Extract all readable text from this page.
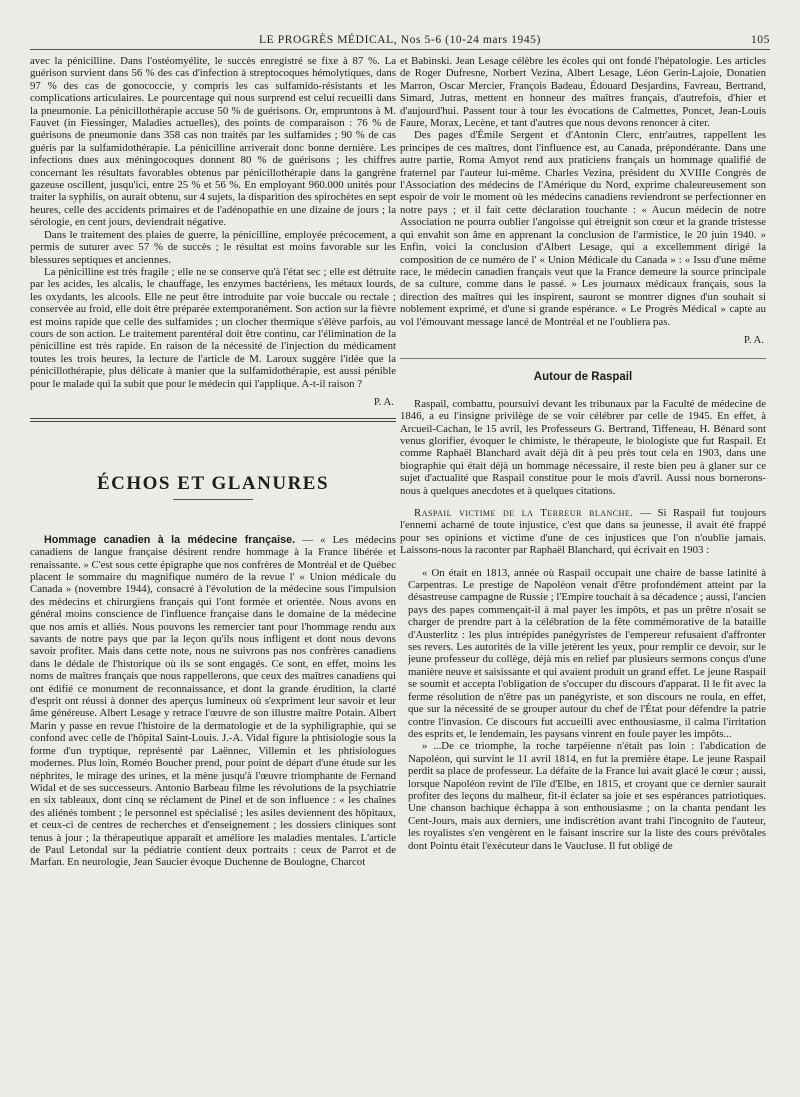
LE PROGRÈS MÉDICAL, Nos 5-6 (10-24 mars 1945)	105

avec la pénicilline. Dans l'ostéomyélite, le succès enregistré se fixe à 87 %. La guérison survient dans 56 % des cas d'infection à streptocoques hémolytiques, dans 97 % des cas de gonococcie, y compris les cas sulfamido-résistants et les complications articulaires. Le pourcentage qui nous surprend est celui recueilli dans la pneumonie. La pénicillothérapie accuse 50 % de guérisons. Or, empruntons à M. Fauvet (in Fiessinger, Maladies actuelles), des points de comparaison : 76 % de guérisons de pneumonie dans 358 cas non traités par les sulfamides ; 90 % de cas guéris par la sulfamidothérapie. La pénicilline arriverait donc bonne dernière. Les infections dues aux méningocoques donnent 80 % de guérisons ; les chiffres concernant les résultats favorables obtenus par pénicillothérapie dans la gangrène gazeuse oscillent, jusqu'ici, entre 25 % et 56 %. En employant 960.000 unités pour traiter la syphilis, on aurait obtenu, sur 4 sujets, la disparition des spirochètes en sept heures, celle des accidents primaires et de l'adénopathie en une dizaine de jours ; la sérologie, en cent jours, deviendrait négative.

Dans le traitement des plaies de guerre, la pénicilline, employée précocement, a permis de suturer avec 57 % de succès ; le résultat est moins favorable sur les blessures septiques et anciennes.

La pénicilline est très fragile ; elle ne se conserve qu'à l'état sec ; elle est détruite par les acides, les alcalis, le chauffage, les enzymes bactériens, les métaux lourds, les oxydants, les alcools. Elle ne peut être introduite par voie buccale ou rectale ; conservée au froid, elle doit être préparée extemporanément. Son action sur la fièvre est moins rapide que celle des sulfamides ; un clocher thermique s'élève parfois, au cours de son action. Le traitement parentéral doit être continu, car l'élimination de la pénicilline est très rapide. En raison de la nécessité de l'injection du médicament toutes les trois heures, la lecture de l'article de M. Laroux suggère l'idée que la pénicillothérapie, plus délicate à manier que la sulfamidothérapie, est aussi pénible pour le malade qui la subit que pour le médecin qui l'applique. A-t-il raison ?

P. A.
ÉCHOS ET GLANURES

Hommage canadien à la médecine française. — « Les médecins canadiens de langue française désirent rendre hommage à la France libérée et renaissante. » C'est sous cette épigraphe que nos confrères de Montréal et de Québec placent le sommaire du magnifique numéro de la revue l' « Union médicale du Canada » (novembre 1944), consacré à l'évolution de la médecine sous l'impulsion des médecins et chirurgiens français qui l'ont formée et orientée. Nous avons en général moins conscience de l'influence française dans le domaine de la médecine que nos amis et alliés. Nous pouvons les remercier tant pour l'hommage rendu aux savants de notre pays que par la leçon qu'ils nous infligent et dont nous devons savoir profiter. Mais dans cette note, nous ne suivrons pas nos confrères canadiens dans le dédale de l'historique où ils se sont engagés. Ce sont, en effet, moins les noms de maîtres français que nous rappellerons, que ceux des maîtres canadiens qui ont édifié ce monument de reconnaissance, et dont la grande érudition, la clarté d'esprit ont réussi à donner des aperçus lumineux où s'expriment leur savoir et leur âme généreuse. Albert Lesage y retrace l'œuvre de son illustre maître Potain. Albert Marin y passe en revue l'histoire de la dermatologie et de la syphiligraphie, qui se confond avec celle de l'hôpital Saint-Louis. J.-A. Vidal figure la phtisiologie sous la forme d'un tryptique, représenté par Laënnec, Villemin et les phtisiologues modernes. Plus loin, Roméo Boucher prend, pour point de départ d'une étude sur les néphrites, le mirage des urines, et la mène jusqu'à l'œuvre triomphante de Fernand Widal et de ses successeurs. Antonio Barbeau filme les révolutions de la psychiatrie en six tableaux, dont cinq se réclament de Pinel et de son influence : « les chaînes des aliénés tombent ; le personnel est spécialisé ; les asiles deviennent des hôpitaux, et ceux-ci de centres de recherches et d'enseignement ; les dossiers cliniques sont tenus à jour ; la thérapeutique apparaît et améliore les maladies mentales. L'article de Paul Letondal sur la pédiatrie contient deux portraits : ceux de Parrot et de Marfan. En neurologie, Jean Saucier évoque Duchenne de Boulogne, Charcot

et Babinski. Jean Lesage célèbre les écoles qui ont fondé l'hépatologie. Les articles de Roger Dufresne, Norbert Vezina, Albert Lesage, Léon Gerin-Lajoie, Donatien Marron, Oscar Mercier, François Badeau, Édouard Desjardins, Favreau, Bertrand, Simard, Jutras, mettent en honneur des maîtres français, d'autrefois, d'hier et d'aujourd'hui. Passent tour à tour les évocations de Calmettes, Poncet, Jean-Louis Faure, Morax, Lecène, et tant d'autres que nous devons renoncer à citer.

Des pages d'Émile Sergent et d'Antonin Clerc, entr'autres, rappellent les principes de ces maîtres, dont l'influence est, au Canada, prépondérante. Dans une autre partie, Roma Amyot rend aux praticiens français un hommage qualifié de fraternel par l'auteur lui-même. Charles Vezina, président du XVIIIe Congrès de l'Association des médecins de l'Amérique du Nord, exprime chaleureusement son espoir de voir le moment où les médecins canadiens reviendront se perfectionner en notre pays ; et il fait cette déclaration touchante : « Aucun médecin de notre Association ne pourra oublier l'angoisse qui étreignit son cœur et la grande tristesse qui envahit son âme en apprenant la conclusion de l'armistice, le 20 juin 1940. » Enfin, voici la conclusion d'Albert Lesage, qui a excellemment dirigé la composition de ce numéro de l' « Union Médicale du Canada » : « Issu d'une même race, le médecin canadien français veut que la France demeure la source principale de sa culture, comme dans le passé. » Les journaux médicaux français, sous la direction des maîtres qui les inspirent, sauront se montrer dignes d'un souhait si noblement exprimé, et d'une si grande espérance. « Le Progrès Médical » capte au vol l'émouvant message lancé de Montréal et ne l'oubliera pas.

P. A.
Autour de Raspail

Raspail, combattu, poursuivi devant les tribunaux par la Faculté de médecine de 1846, a eu l'insigne privilège de se voir célébrer par celle de 1945. En effet, à Arcueil-Cachan, le 15 avril, les Professeurs G. Bertrand, Tiffeneau, H. Bénard sont venus glorifier, évoquer le chimiste, le thérapeute, le biologiste que fut Raspail. Et comme Raphaël Blanchard avait déjà dit à peu près tout cela en 1903, dans une biographie qui était déjà un hommage nécessaire, il reste bien peu à glaner sur ce sujet d'actualité que Raspail constitue pour le mois d'avril. Aussi nous bornerons-nous à quelques anecdotes et à quelques citations.

Raspail victime de la Terreur blanche. — Si Raspail fut toujours l'ennemi acharné de toute injustice, c'est que dans sa jeunesse, il avait été frappé pour ses opinions et victime d'une de ces injustices que l'on n'oublie jamais. Laissons-nous la raconter par Raphaël Blanchard, qui écrivait en 1903 :

« On était en 1813, année où Raspail occupait une chaire de basse latinité à Carpentras. Le prestige de Napoléon venait d'être profondément atteint par la désastreuse campagne de Russie ; l'Empire touchait à sa décadence ; aussi, l'ancien pays des papes commençait-il à mal payer les impôts, et pas un prêtre n'osait se charger de prendre part à la célébration de la fête commémorative de la bataille d'Austerlitz : les plus intrépides panégyristes de l'empereur refusaient d'affronter ses revers. Les autorités de la ville jetèrent les yeux, pour remplir ce devoir, sur le jeune professeur du collège, déjà mis en relief par plusieurs sermons conçus d'une manière neuve et saisissante et qui avaient produit un grand effet. Le jeune Raspail se soumit et accepta l'obligation de s'occuper du discours d'apparat. Il le fit avec la ferme résolution de n'être pas un panégyriste, et son discours ne roula, en effet, que sur la nécessité de se grouper autour du chef de l'État pour défendre la patrie contre l'invasion. Ce discours fut accueilli avec enthousiasme, il calma l'irritation des esprits et, le lendemain, les paysans vinrent en foule payer les impôts...

» ...De ce triomphe, la roche tarpéienne n'était pas loin : l'abdication de Napoléon, qui survint le 11 avril 1814, en fut la première étape. Le jeune Raspail perdit sa place de professeur. La défaite de la France lui avait glacé le cœur ; aussi, lorsque Napoléon revint de l'île d'Elbe, en 1815, et croyant que ce dernier saurait profiter des leçons du malheur, fit-il éclater sa joie et ses espérances patriotiques. Une chanson bachique échappa à son enthousiasme ; on la chanta pendant les Cent-Jours, mais aux derniers, une indiscrétion avant trahi l'incognito de l'auteur, les royalistes s'en vengèrent en le faisant inscrire sur la liste des cours prévôtales dont Pointu était l'exécuteur dans le Vaucluse. Il fut obligé de
